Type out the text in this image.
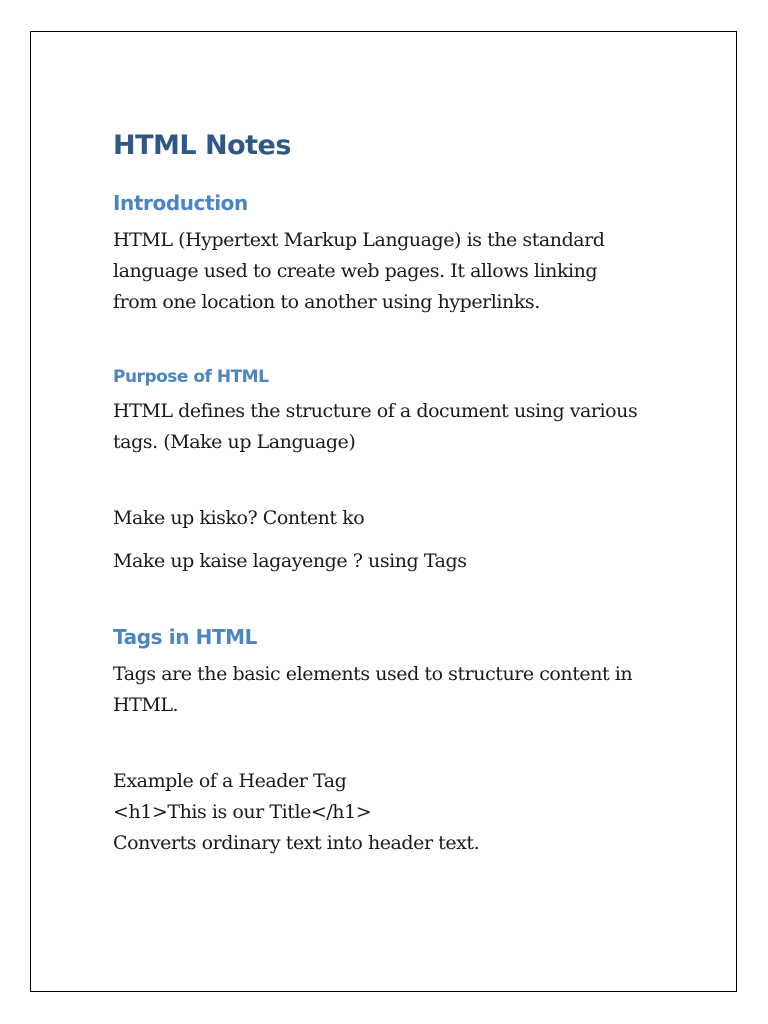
HTML Notes
Introduction

HTML (Hypertext Markup Language) is the standard

language used to create web pages. It allows linking

from one location to another using hyperlinks.

Purpose of HTML

HTML defines the structure of a document using various

tags. (Make up Language)

Make up kisko? Content ko

Make up kaise lagayenge ? using Tags

Tags in HTML

Tags are the basic elements used to structure content in

HTML.

Example of a Header Tag

<h1>This is our Title</h1>

Converts ordinary text into header text.
